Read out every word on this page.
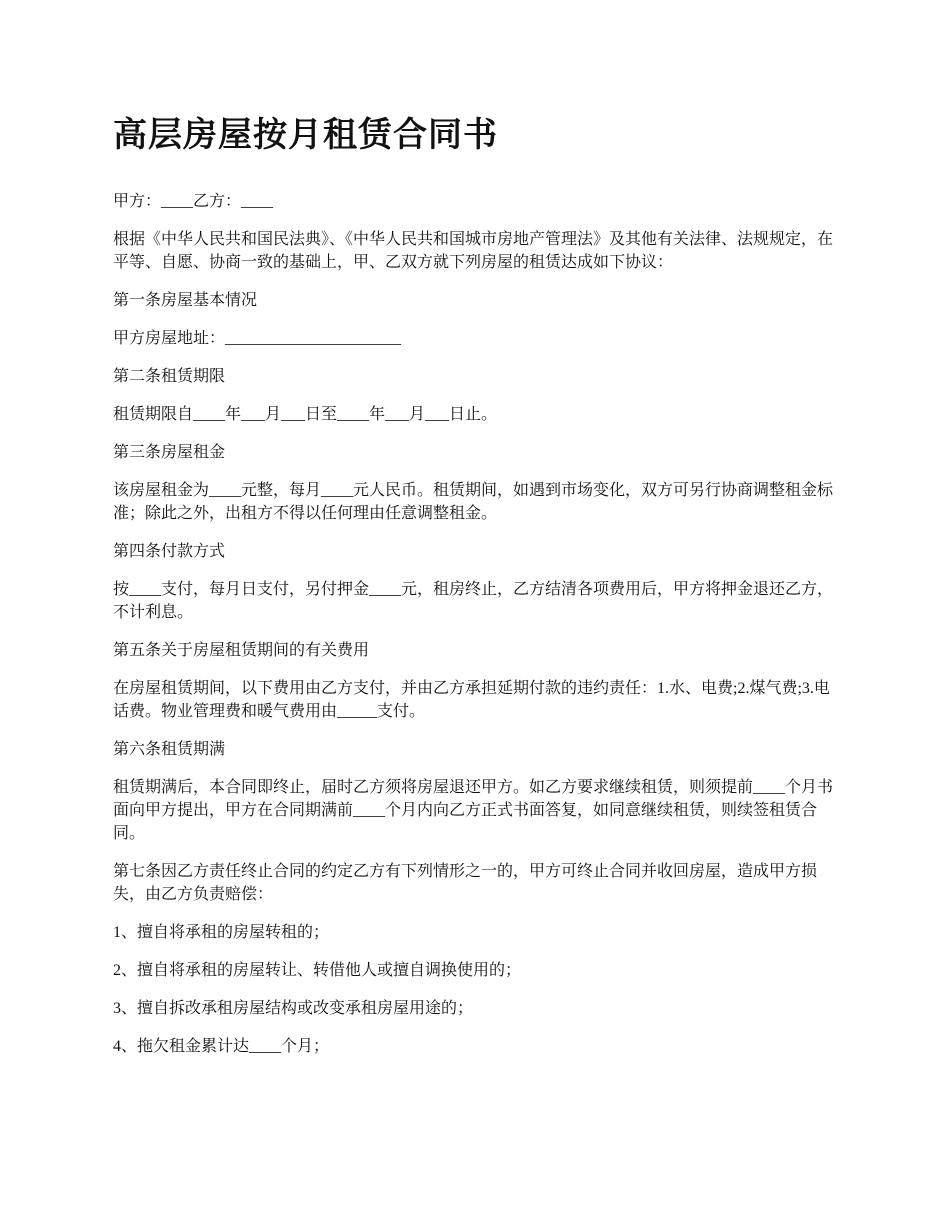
高层房屋按月租赁合同书

甲方：____乙方：____

根据《中华人民共和国民法典》、《中华人民共和国城市房地产管理法》及其他有关法律、法规规定，在平等、自愿、协商一致的基础上，甲、乙双方就下列房屋的租赁达成如下协议：

第一条房屋基本情况

甲方房屋地址：______________________

第二条租赁期限

租赁期限自____年___月___日至____年___月___日止。

第三条房屋租金

该房屋租金为____元整，每月____元人民币。租赁期间，如遇到市场变化，双方可另行协商调整租金标准；除此之外，出租方不得以任何理由任意调整租金。

第四条付款方式

按____支付，每月日支付，另付押金____元，租房终止，乙方结清各项费用后，甲方将押金退还乙方，不计利息。

第五条关于房屋租赁期间的有关费用

在房屋租赁期间，以下费用由乙方支付，并由乙方承担延期付款的违约责任：1.水、电费;2.煤气费;3.电话费。物业管理费和暖气费用由_____支付。

第六条租赁期满

租赁期满后，本合同即终止，届时乙方须将房屋退还甲方。如乙方要求继续租赁，则须提前____个月书面向甲方提出，甲方在合同期满前____个月内向乙方正式书面答复，如同意继续租赁，则续签租赁合同。

第七条因乙方责任终止合同的约定乙方有下列情形之一的，甲方可终止合同并收回房屋，造成甲方损失，由乙方负责赔偿：

1、擅自将承租的房屋转租的；

2、擅自将承租的房屋转让、转借他人或擅自调换使用的；

3、擅自拆改承租房屋结构或改变承租房屋用途的；

4、拖欠租金累计达____个月；
